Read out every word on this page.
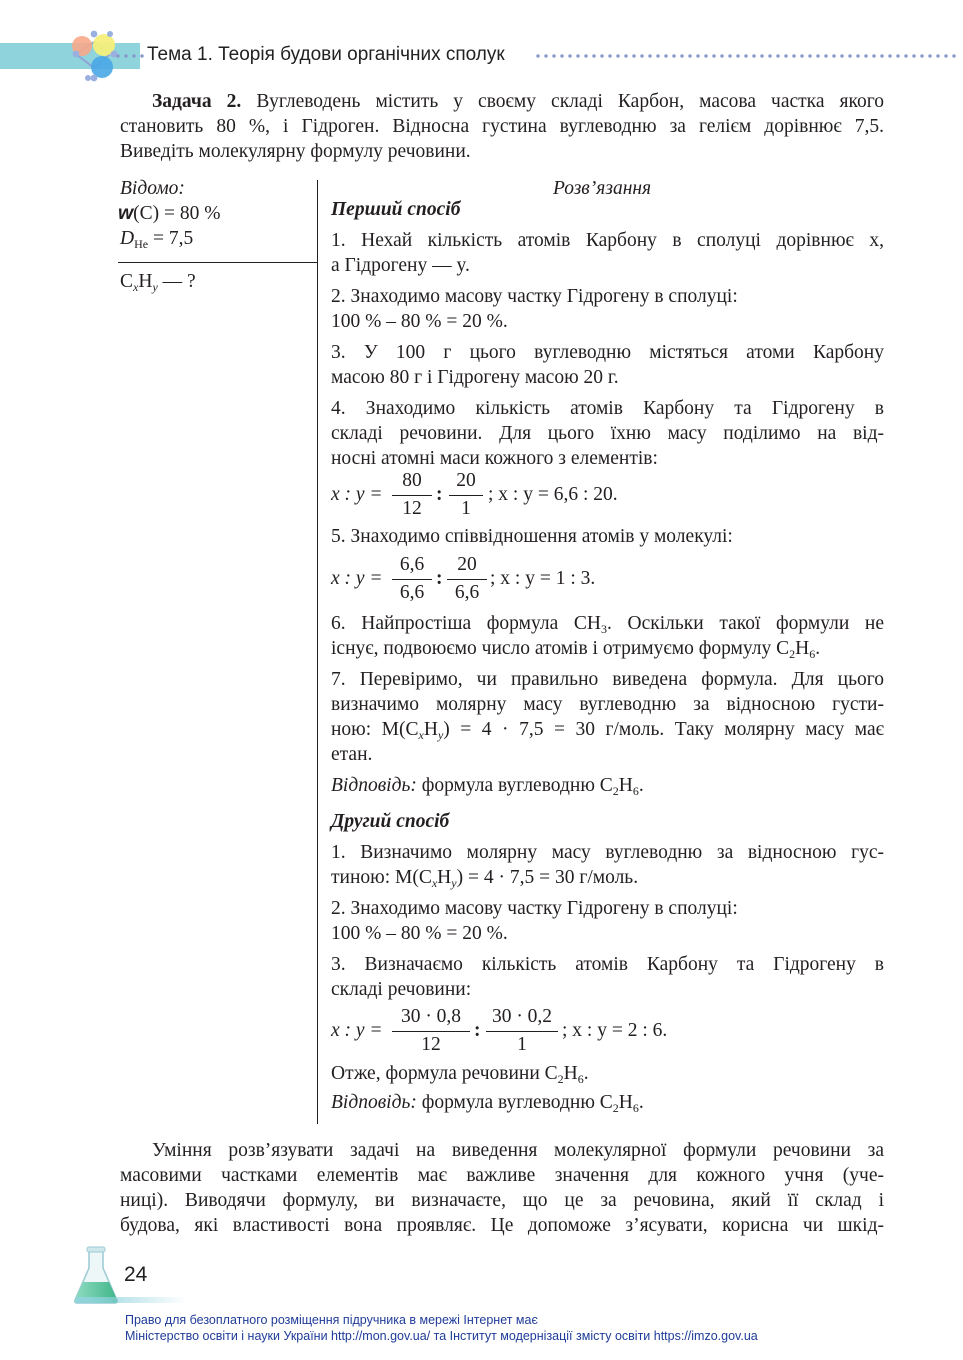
Тема 1. Теорія будови органічних сполук
Задача 2. Вуглеводень містить у своєму складі Карбон, масова частка якого
становить 80 %, і Гідроген. Відносна густина вуглеводню за гелієм дорівнює 7,5.
Виведіть молекулярну формулу речовини.
Відомо:
w(C) = 80 %
$D_{He} = 7,5$
$C_xH_y$ — ?
Розв’язання
Перший спосіб
1. Нехай кількість атомів Карбону в сполуці дорівнює x,
а Гідрогену — y.
2. Знаходимо масову частку Гідрогену в сполуці:
100 % – 80 % = 20 %.
3. У 100 г цього вуглеводню містяться атоми Карбону
масою 80 г і Гідрогену масою 20 г.
4. Знаходимо кількість атомів Карбону та Гідрогену в
складі речовини. Для цього їхню масу поділимо на від-
носні атомні маси кожного з елементів:
x : y =
80
12
:
20
1
; x : y = 6,6 : 20.
5. Знаходимо співвідношення атомів у молекулі:
x : y =
6,6
6,6
:
20
6,6
; x : y = 1 : 3.
6. Найпростіша формула $CH_3$. Оскільки такої формули не
існує, подвоюємо число атомів і отримуємо формулу $C_2H_6$.
7. Перевіримо, чи правильно виведена формула. Для цього
визначимо молярну масу вуглеводню за відносною густи-
ною: $M(C_xH_y) = 4 \cdot 7,5 = 30$ г/моль. Таку молярну масу має
етан.
Відповідь: формула вуглеводню $C_2H_6$.
Другий спосіб
1. Визначимо молярну масу вуглеводню за відносною гус-
тиною: $M(C_xH_y) = 4 \cdot 7,5 = 30$ г/моль.
2. Знаходимо масову частку Гідрогену в сполуці:
100 % – 80 % = 20 %.
3. Визначаємо кількість атомів Карбону та Гідрогену в
складі речовини:
x : y =
30 · 0,8
12
:
30 · 0,2
1
; x : y = 2 : 6.
Отже, формула речовини $C_2H_6$.
Відповідь: формула вуглеводню $C_2H_6$.
Уміння розв’язувати задачі на виведення молекулярної формули речовини за
масовими частками елементів має важливе значення для кожного учня (уче-
ниці). Виводячи формулу, ви визначаєте, що це за речовина, який її склад і
будова, які властивості вона проявляє. Це допоможе з’ясувати, корисна чи шкід-
24
Право для безоплатного розміщення підручника в мережі Інтернет має
Міністерство освіти і науки України http://mon.gov.ua/ та Інститут модернізації змісту освіти https://imzo.gov.ua
